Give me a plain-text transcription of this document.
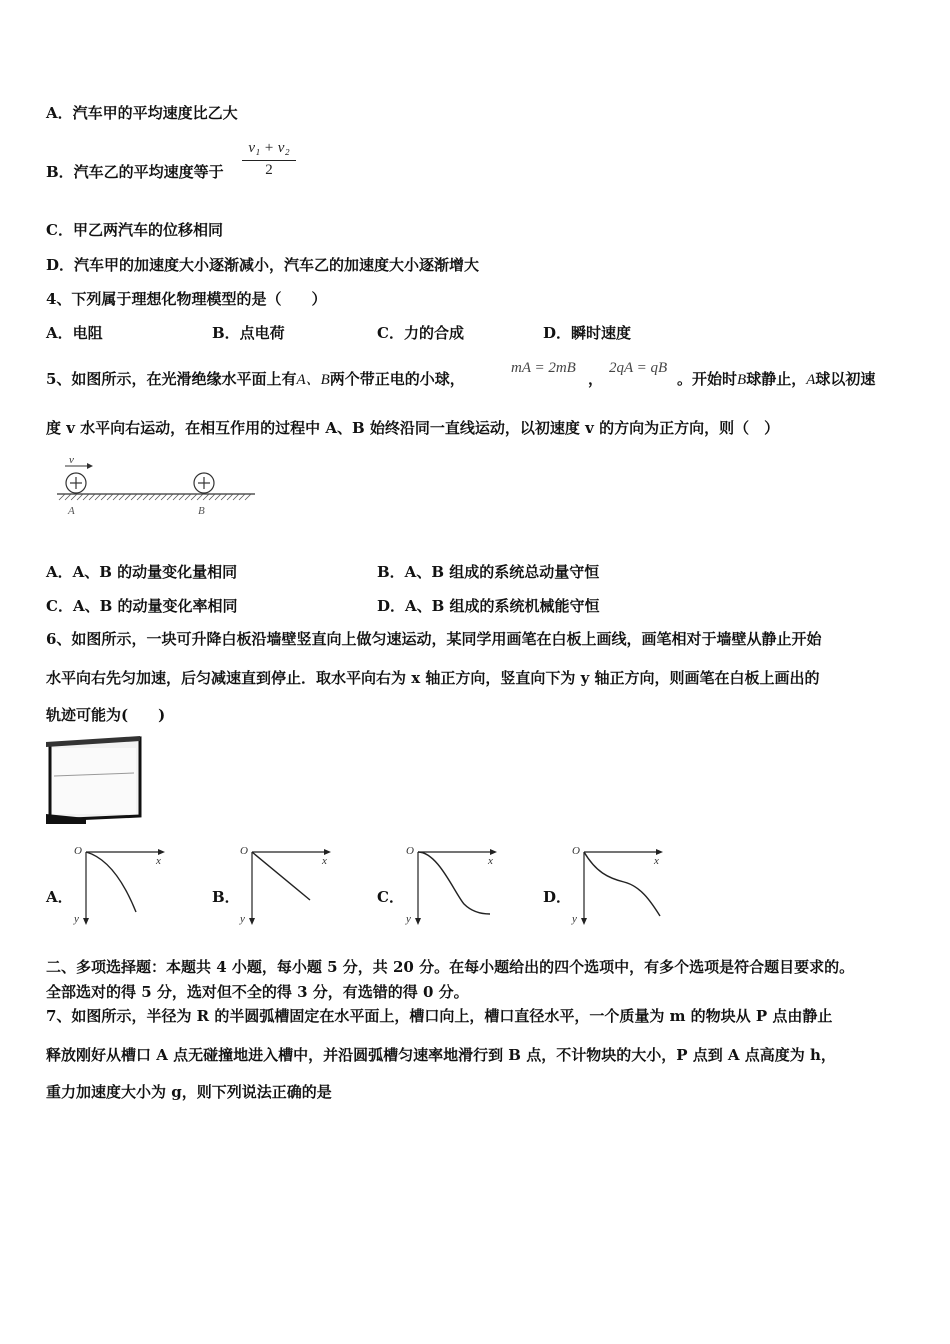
A．汽车甲的平均速度比乙大
B．汽车乙的平均速度等于
v₁ + v₂
2
C．甲乙两汽车的位移相同
D．汽车甲的加速度大小逐渐减小，汽车乙的加速度大小逐渐增大
4、下列属于理想化物理模型的是（　　）
A．电阻	B．点电荷	C．力的合成	D．瞬时速度
5、如图所示，在光滑绝缘水平面上有A、B两个带正电的小球，
mA = 2mB
，
2qA = qB
。开始时B球静止，A球以初速
度 v 水平向右运动，在相互作用的过程中 A、B 始终沿同一直线运动，以初速度 v 的方向为正方向，则（　）
v
A	B
A．A、B 的动量变化量相同	B．A、B 组成的系统总动量守恒
C．A、B 的动量变化率相同	D．A、B 组成的系统机械能守恒
6、如图所示，一块可升降白板沿墙壁竖直向上做匀速运动，某同学用画笔在白板上画线，画笔相对于墙壁从静止开始
水平向右先匀加速，后匀减速直到停止．取水平向右为 x 轴正方向，竖直向下为 y 轴正方向，则画笔在白板上画出的
轨迹可能为(　　)
A．
O
x
y
B．
O
x
y
C．
O
x
y
D．
O
x
y
二、多项选择题：本题共 4 小题，每小题 5 分，共 20 分。在每小题给出的四个选项中，有多个选项是符合题目要求的。
全部选对的得 5 分，选对但不全的得 3 分，有选错的得 0 分。
7、如图所示，半径为 R 的半圆弧槽固定在水平面上，槽口向上，槽口直径水平，一个质量为 m 的物块从 P 点由静止
释放刚好从槽口 A 点无碰撞地进入槽中，并沿圆弧槽匀速率地滑行到 B 点，不计物块的大小，P 点到 A 点高度为 h，
重力加速度大小为 g，则下列说法正确的是
